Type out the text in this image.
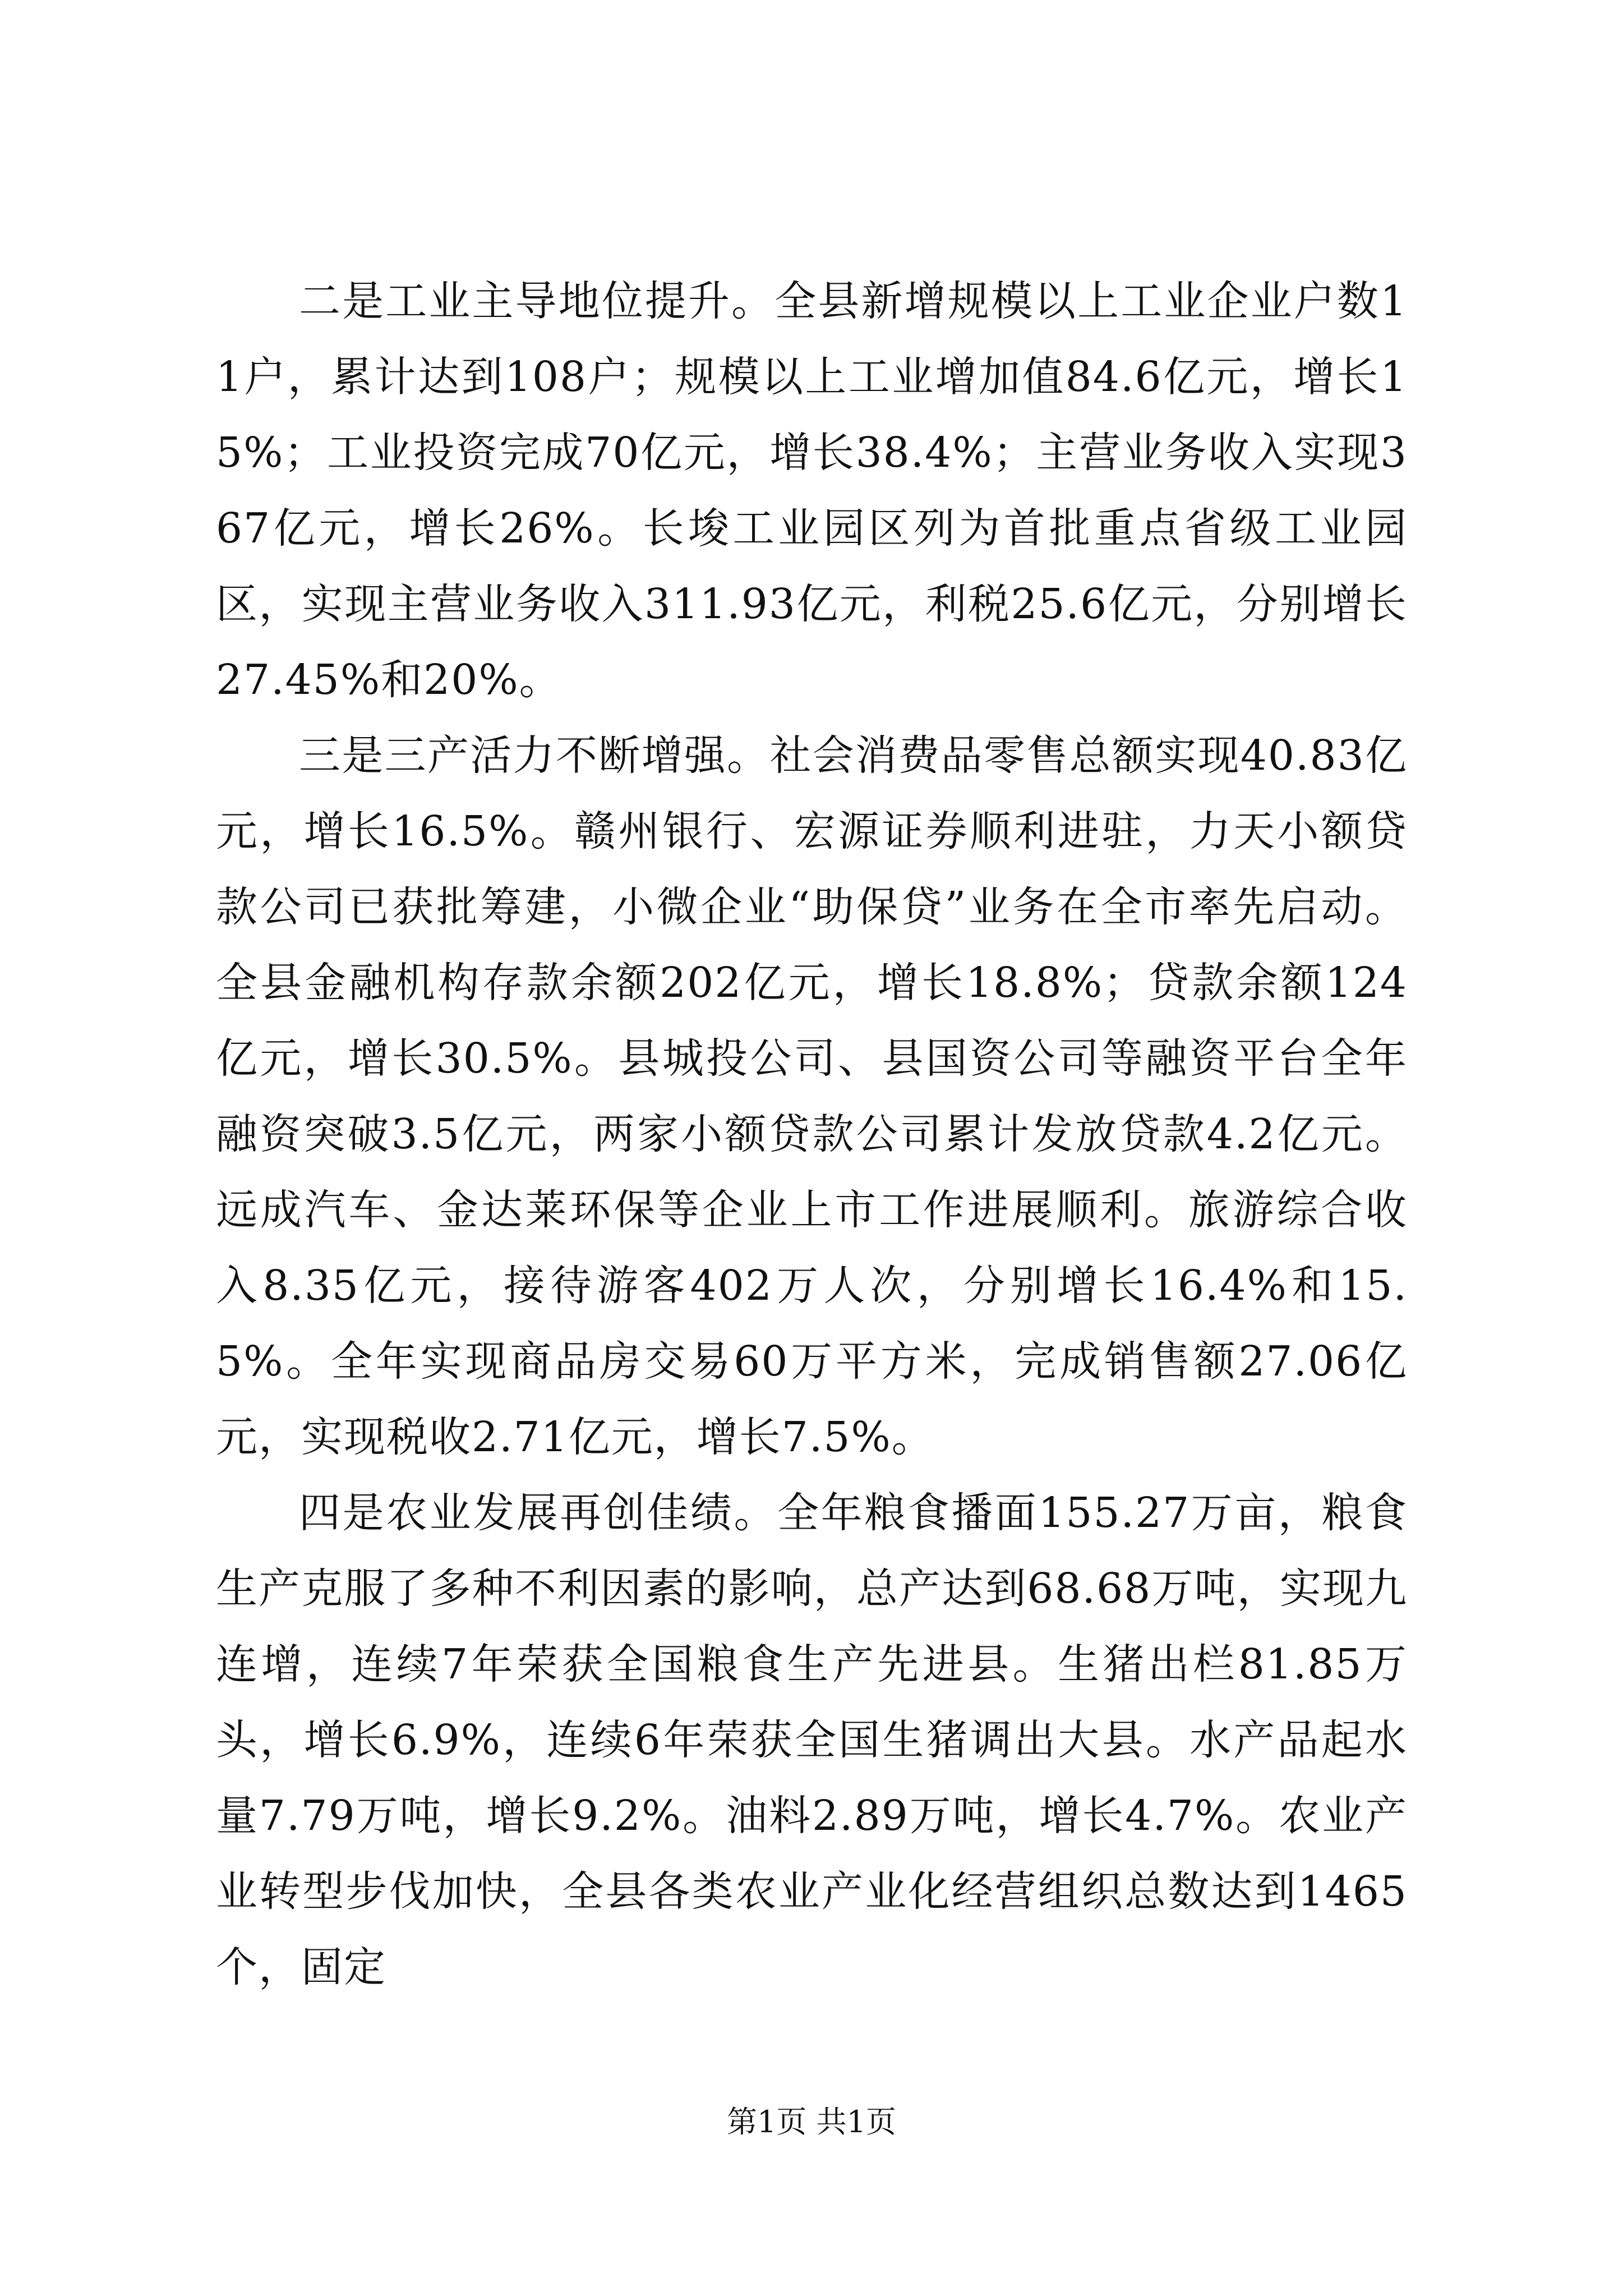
二是工业主导地位提升。全县新增规模以上工业企业户数11户，累计达到108户；规模以上工业增加值84.6亿元，增长15%；工业投资完成70亿元，增长38.4%；主营业务收入实现367亿元，增长26%。长埈工业园区列为首批重点省级工业园区，实现主营业务收入311.93亿元，利税25.6亿元，分别增长27.45%和20%。

三是三产活力不断增强。社会消费品零售总额实现40.83亿元，增长16.5%。赣州银行、宏源证券顺利进驻，力天小额贷款公司已获批筹建，小微企业“助保贷”业务在全市率先启动。全县金融机构存款余额202亿元，增长18.8%；贷款余额124亿元，增长30.5%。县城投公司、县国资公司等融资平台全年融资突破3.5亿元，两家小额贷款公司累计发放贷款4.2亿元。远成汽车、金达莱环保等企业上市工作进展顺利。旅游综合收入8.35亿元，接待游客402万人次，分别增长16.4%和15.5%。全年实现商品房交易60万平方米，完成销售额27.06亿元，实现税收2.71亿元，增长7.5%。

四是农业发展再创佳绩。全年粮食播面155.27万亩，粮食生产克服了多种不利因素的影响，总产达到68.68万吨，实现九连增，连续7年荣获全国粮食生产先进县。生猪出栏81.85万头，增长6.9%，连续6年荣获全国生猪调出大县。水产品起水量7.79万吨，增长9.2%。油料2.89万吨，增长4.7%。农业产业转型步伐加快，全县各类农业产业化经营组织总数达到1465个，固定

第1页 共1页
